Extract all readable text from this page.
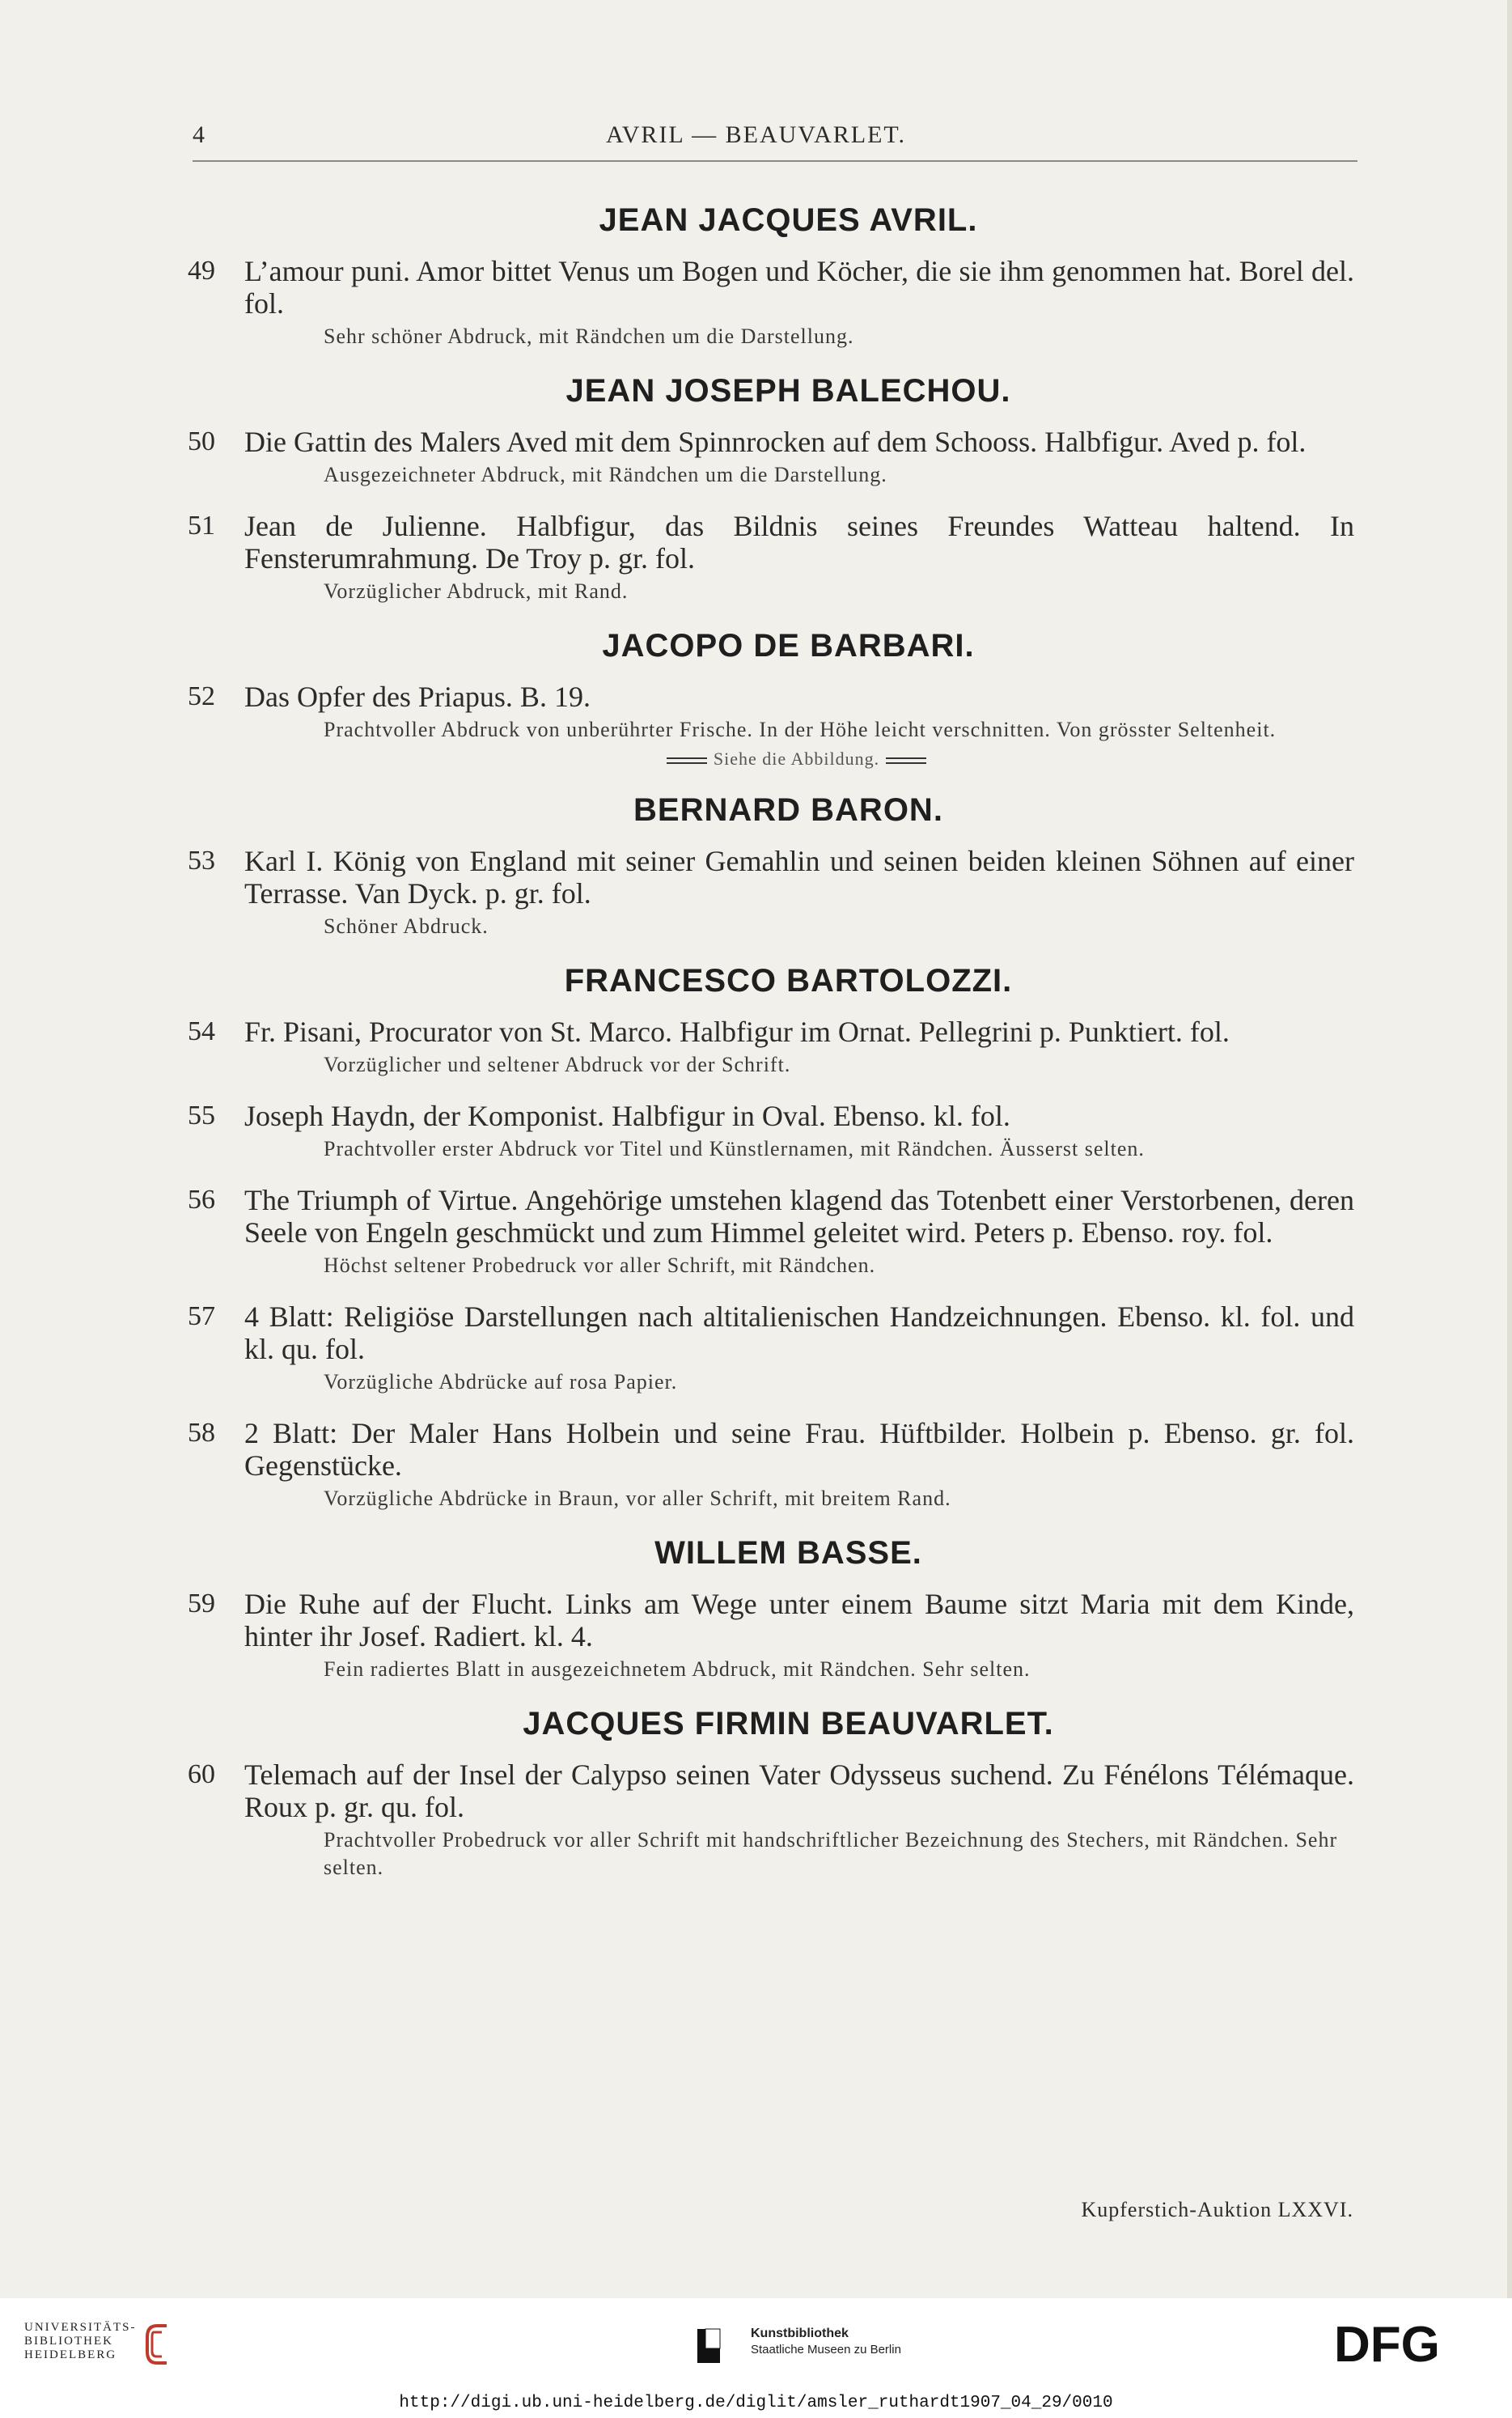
4	AVRIL — BEAUVARLET.
JEAN JACQUES AVRIL.
49 L’amour puni. Amor bittet Venus um Bogen und Köcher, die sie ihm genommen hat. Borel del. fol.
Sehr schöner Abdruck, mit Rändchen um die Darstellung.
JEAN JOSEPH BALECHOU.
50 Die Gattin des Malers Aved mit dem Spinnrocken auf dem Schooss. Halbfigur. Aved p. fol.
Ausgezeichneter Abdruck, mit Rändchen um die Darstellung.
51 Jean de Julienne. Halbfigur, das Bildnis seines Freundes Watteau haltend. In Fensterumrahmung. De Troy p. gr. fol.
Vorzüglicher Abdruck, mit Rand.
JACOPO DE BARBARI.
52 Das Opfer des Priapus. B. 19.
Prachtvoller Abdruck von unberührter Frische. In der Höhe leicht verschnitten. Von grösster Seltenheit.
Siehe die Abbildung.
BERNARD BARON.
53 Karl I. König von England mit seiner Gemahlin und seinen beiden kleinen Söhnen auf einer Terrasse. Van Dyck. p. gr. fol.
Schöner Abdruck.
FRANCESCO BARTOLOZZI.
54 Fr. Pisani, Procurator von St. Marco. Halbfigur im Ornat. Pellegrini p. Punktiert. fol.
Vorzüglicher und seltener Abdruck vor der Schrift.
55 Joseph Haydn, der Komponist. Halbfigur in Oval. Ebenso. kl. fol.
Prachtvoller erster Abdruck vor Titel und Künstlernamen, mit Rändchen. Äusserst selten.
56 The Triumph of Virtue. Angehörige umstehen klagend das Totenbett einer Verstorbenen, deren Seele von Engeln geschmückt und zum Himmel geleitet wird. Peters p. Ebenso. roy. fol.
Höchst seltener Probedruck vor aller Schrift, mit Rändchen.
57 4 Blatt: Religiöse Darstellungen nach altitalienischen Handzeichnungen. Ebenso. kl. fol. und kl. qu. fol.
Vorzügliche Abdrücke auf rosa Papier.
58 2 Blatt: Der Maler Hans Holbein und seine Frau. Hüftbilder. Holbein p. Ebenso. gr. fol. Gegenstücke.
Vorzügliche Abdrücke in Braun, vor aller Schrift, mit breitem Rand.
WILLEM BASSE.
59 Die Ruhe auf der Flucht. Links am Wege unter einem Baume sitzt Maria mit dem Kinde, hinter ihr Josef. Radiert. kl. 4.
Fein radiertes Blatt in ausgezeichnetem Abdruck, mit Rändchen. Sehr selten.
JACQUES FIRMIN BEAUVARLET.
60 Telemach auf der Insel der Calypso seinen Vater Odysseus suchend. Zu Fénélons Télémaque. Roux p. gr. qu. fol.
Prachtvoller Probedruck vor aller Schrift mit handschriftlicher Bezeichnung des Stechers, mit Rändchen. Sehr selten.
Kupferstich-Auktion LXXVI.
UNIVERSITÄTS-
BIBLIOTHEK
HEIDELBERG
Kunstbibliothek
Staatliche Museen zu Berlin	DFG
http://digi.ub.uni-heidelberg.de/diglit/amsler_ruthardt1907_04_29/0010
